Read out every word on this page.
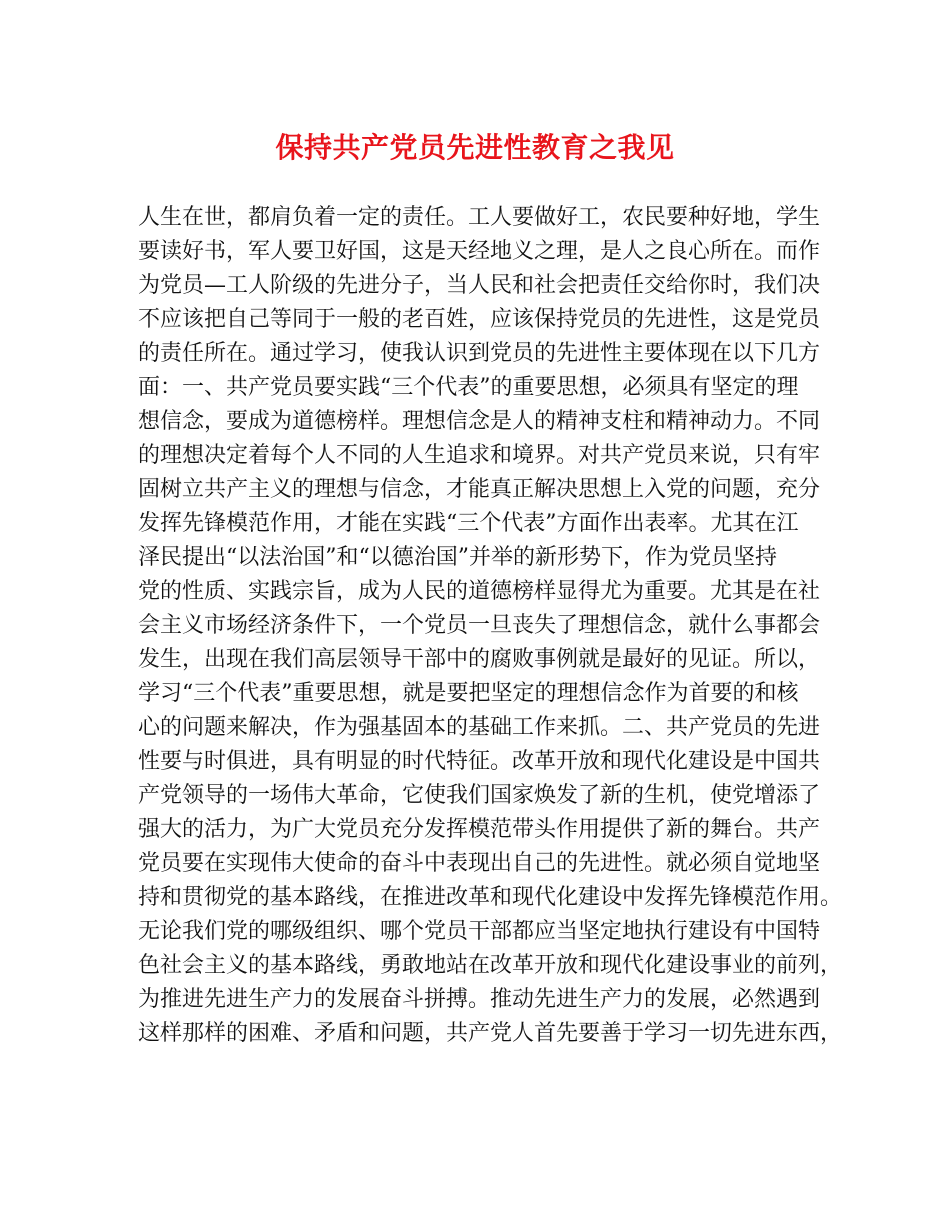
保持共产党员先进性教育之我见
人生在世，都肩负着一定的责任。工人要做好工，农民要种好地，学生
要读好书，军人要卫好国，这是天经地义之理，是人之良心所在。而作
为党员—工人阶级的先进分子，当人民和社会把责任交给你时，我们决
不应该把自己等同于一般的老百姓，应该保持党员的先进性，这是党员
的责任所在。通过学习，使我认识到党员的先进性主要体现在以下几方
面：一、共产党员要实践“三个代表”的重要思想，必须具有坚定的理
想信念，要成为道德榜样。理想信念是人的精神支柱和精神动力。不同
的理想决定着每个人不同的人生追求和境界。对共产党员来说，只有牢
固树立共产主义的理想与信念，才能真正解决思想上入党的问题，充分
发挥先锋模范作用，才能在实践“三个代表”方面作出表率。尤其在江
泽民提出“以法治国”和“以德治国”并举的新形势下，作为党员坚持
党的性质、实践宗旨，成为人民的道德榜样显得尤为重要。尤其是在社
会主义市场经济条件下，一个党员一旦丧失了理想信念，就什么事都会
发生，出现在我们高层领导干部中的腐败事例就是最好的见证。所以，
学习“三个代表”重要思想，就是要把坚定的理想信念作为首要的和核
心的问题来解决，作为强基固本的基础工作来抓。二、共产党员的先进
性要与时俱进，具有明显的时代特征。改革开放和现代化建设是中国共
产党领导的一场伟大革命，它使我们国家焕发了新的生机，使党增添了
强大的活力，为广大党员充分发挥模范带头作用提供了新的舞台。共产
党员要在实现伟大使命的奋斗中表现出自己的先进性。就必须自觉地坚
持和贯彻党的基本路线，在推进改革和现代化建设中发挥先锋模范作用。
无论我们党的哪级组织、哪个党员干部都应当坚定地执行建设有中国特
色社会主义的基本路线，勇敢地站在改革开放和现代化建设事业的前列，
为推进先进生产力的发展奋斗拼搏。推动先进生产力的发展，必然遇到
这样那样的困难、矛盾和问题，共产党人首先要善于学习一切先进东西，
